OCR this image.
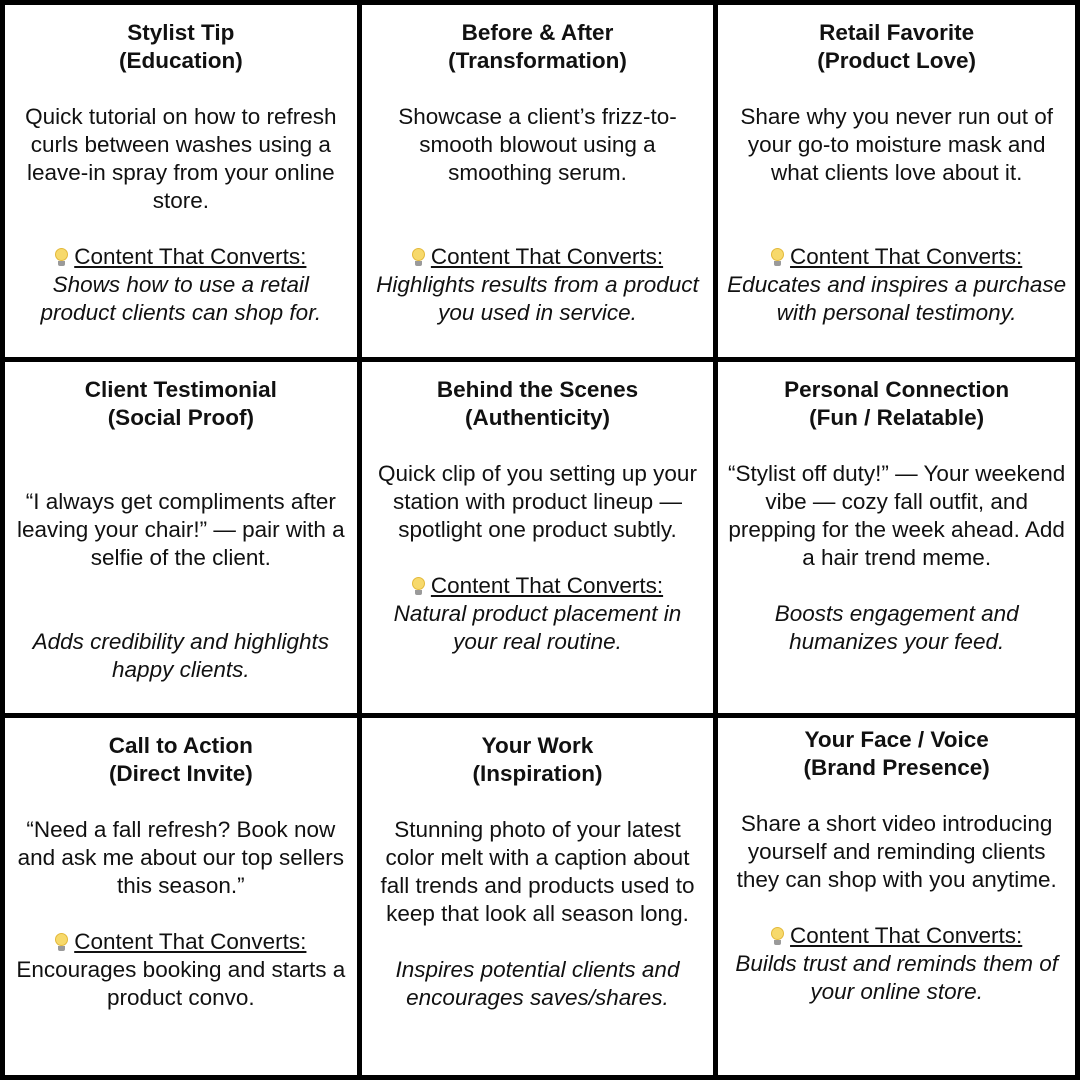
Stylist Tip
(Education)
Quick tutorial on how to refresh curls between washes using a leave-in spray from your online store.
Content That Converts:
Shows how to use a retail product clients can shop for.
Before & After
(Transformation)
Showcase a client’s frizz-to-smooth blowout using a smoothing serum.
Content That Converts:
Highlights results from a product you used in service.
Retail Favorite
(Product Love)
Share why you never run out of your go-to moisture mask and what clients love about it.
Content That Converts:
Educates and inspires a purchase with personal testimony.
Client Testimonial
(Social Proof)
“I always get compliments after leaving your chair!” — pair with a selfie of the client.
Adds credibility and highlights happy clients.
Behind the Scenes
(Authenticity)
Quick clip of you setting up your station with product lineup — spotlight one product subtly.
Content That Converts:
Natural product placement in your real routine.
Personal Connection
(Fun / Relatable)
“Stylist off duty!” — Your weekend vibe — cozy fall outfit, and prepping for the week ahead. Add a hair trend meme.
Boosts engagement and humanizes your feed.
Call to Action
(Direct Invite)
“Need a fall refresh? Book now and ask me about our top sellers this season.”
Content That Converts:
Encourages booking and starts a product convo.
Your Work
(Inspiration)
Stunning photo of your latest color melt with a caption about fall trends and products used to keep that look all season long.
Inspires potential clients and encourages saves/shares.
Your Face / Voice
(Brand Presence)
Share a short video introducing yourself and reminding clients they can shop with you anytime.
Content That Converts:
Builds trust and reminds them of your online store.
